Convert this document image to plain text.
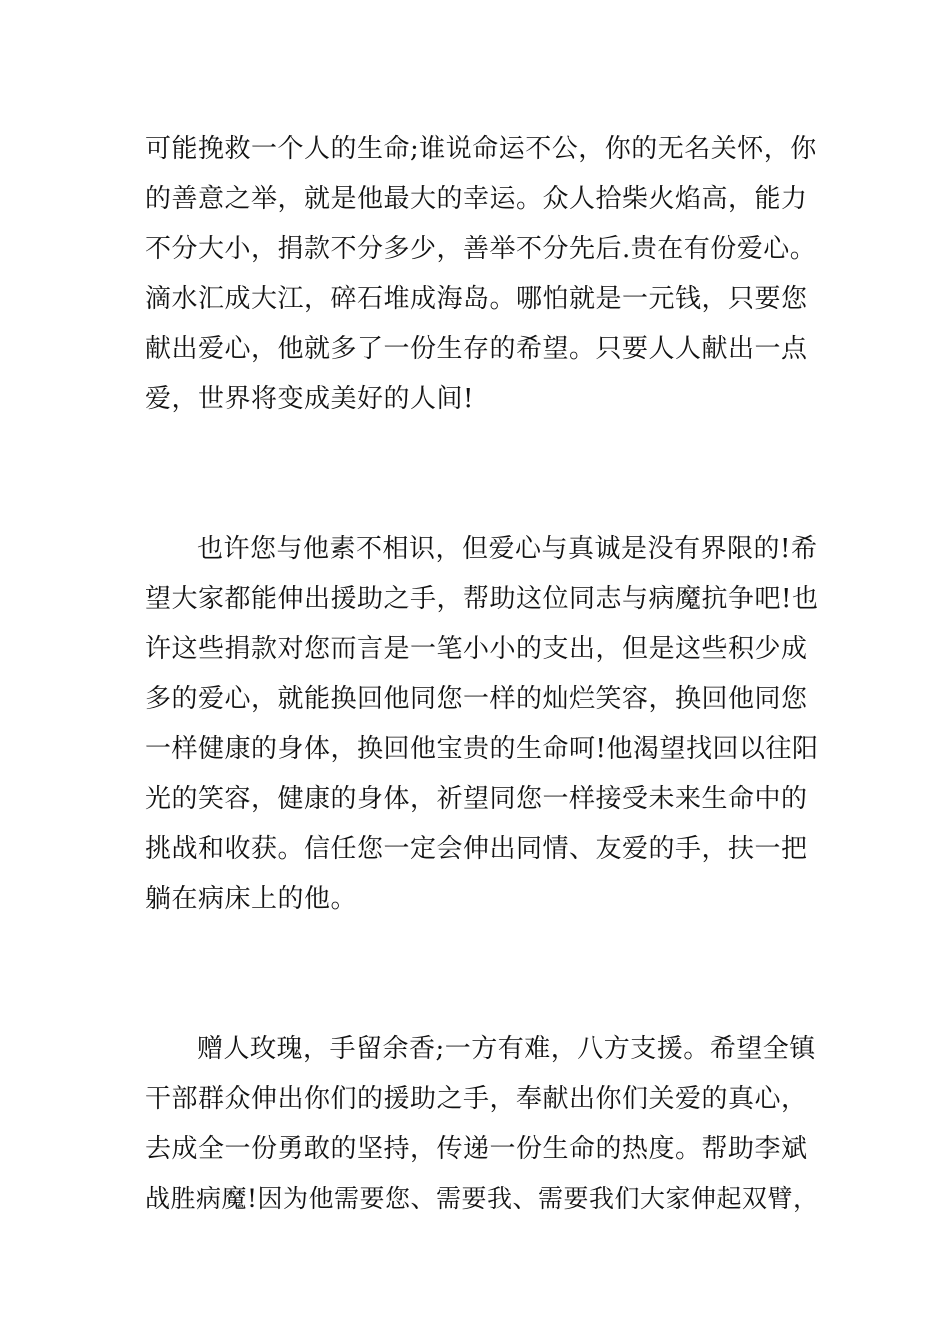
可能挽救一个人的生命;谁说命运不公，你的无名关怀，你
的善意之举，就是他最大的幸运。众人拾柴火焰高，能力
不分大小，捐款不分多少，善举不分先后.贵在有份爱心。
滴水汇成大江，碎石堆成海岛。哪怕就是一元钱，只要您
献出爱心，他就多了一份生存的希望。只要人人献出一点
爱，世界将变成美好的人间!
也许您与他素不相识，但爱心与真诚是没有界限的!希
望大家都能伸出援助之手，帮助这位同志与病魔抗争吧!也
许这些捐款对您而言是一笔小小的支出，但是这些积少成
多的爱心，就能换回他同您一样的灿烂笑容，换回他同您
一样健康的身体，换回他宝贵的生命呵!他渴望找回以往阳
光的笑容，健康的身体，祈望同您一样接受未来生命中的
挑战和收获。信任您一定会伸出同情、友爱的手，扶一把
躺在病床上的他。
赠人玫瑰，手留余香;一方有难，八方支援。希望全镇
干部群众伸出你们的援助之手，奉献出你们关爱的真心，
去成全一份勇敢的坚持，传递一份生命的热度。帮助李斌
战胜病魔!因为他需要您、需要我、需要我们大家伸起双臂，
